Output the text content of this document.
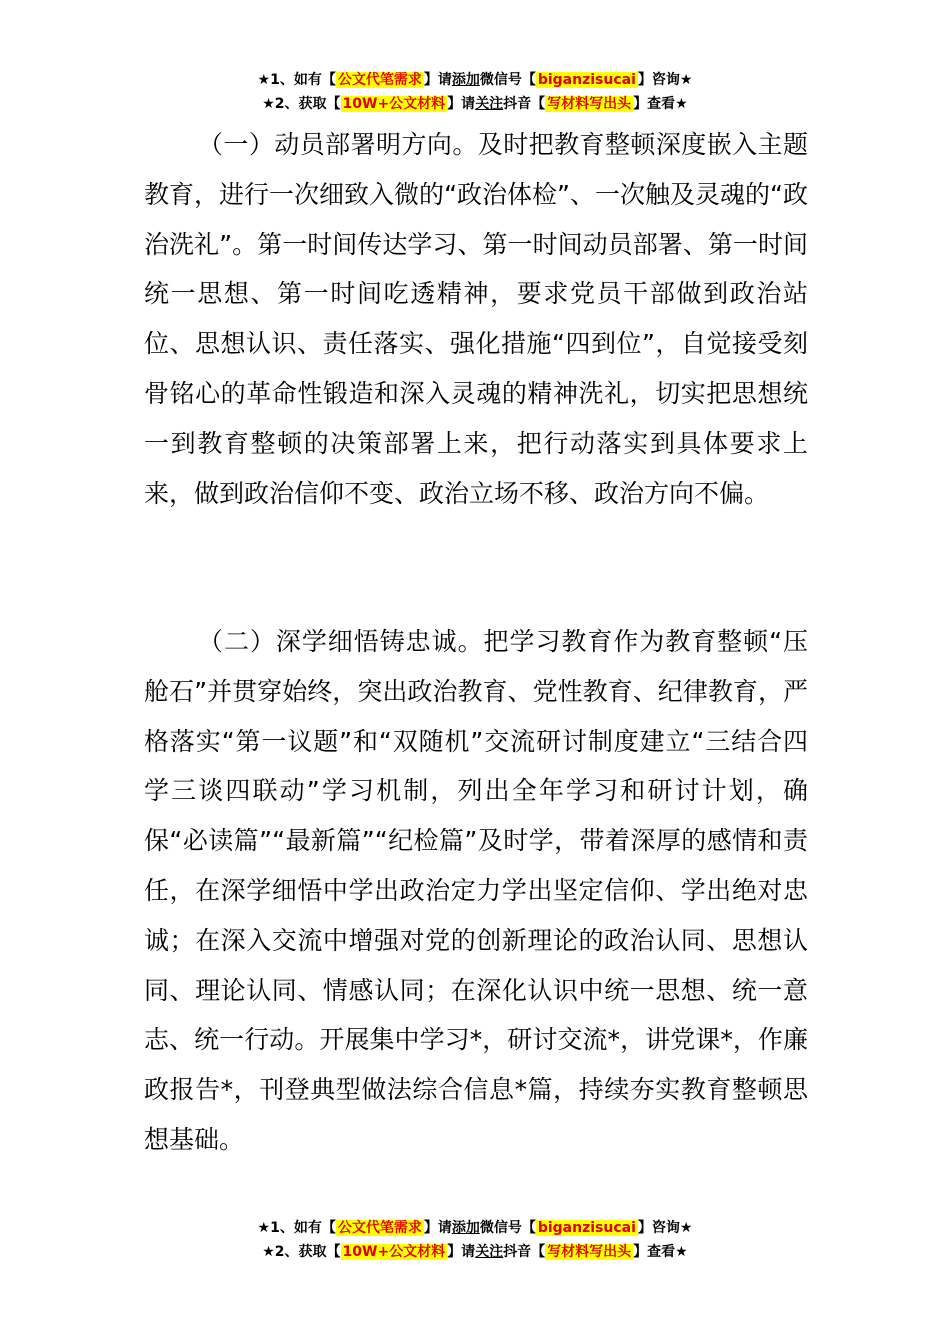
★1、如有【 公文代笔需求 】请添加微信号【 biganzisucai 】咨询★
★2、获取【 10W+公文材料 】请关注抖音【 写材料写出头 】查看★
（一）动员部署明方向。及时把教育整顿深度嵌入主题教育，进行一次细致入微的“政治体检”、一次触及灵魂的“政治洗礼”。第一时间传达学习、第一时间动员部署、第一时间统一思想、第一时间吃透精神，要求党员干部做到政治站位、思想认识、责任落实、强化措施“四到位”，自觉接受刻骨铭心的革命性锻造和深入灵魂的精神洗礼，切实把思想统一到教育整顿的决策部署上来，把行动落实到具体要求上来，做到政治信仰不变、政治立场不移、政治方向不偏。
（二）深学细悟铸忠诚。把学习教育作为教育整顿“压舱石”并贯穿始终，突出政治教育、党性教育、纪律教育，严格落实“第一议题”和“双随机”交流研讨制度建立“三结合四学三谈四联动”学习机制，列出全年学习和研讨计划，确保“必读篇”“最新篇”“纪检篇”及时学，带着深厚的感情和责任，在深学细悟中学出政治定力学出坚定信仰、学出绝对忠诚；在深入交流中增强对党的创新理论的政治认同、思想认同、理论认同、情感认同；在深化认识中统一思想、统一意志、统一行动。开展集中学习*，研讨交流*，讲党课*，作廉政报告*，刊登典型做法综合信息*篇，持续夯实教育整顿思想基础。
★1、如有【 公文代笔需求 】请添加微信号【 biganzisucai 】咨询★
★2、获取【 10W+公文材料 】请关注抖音【 写材料写出头 】查看★
